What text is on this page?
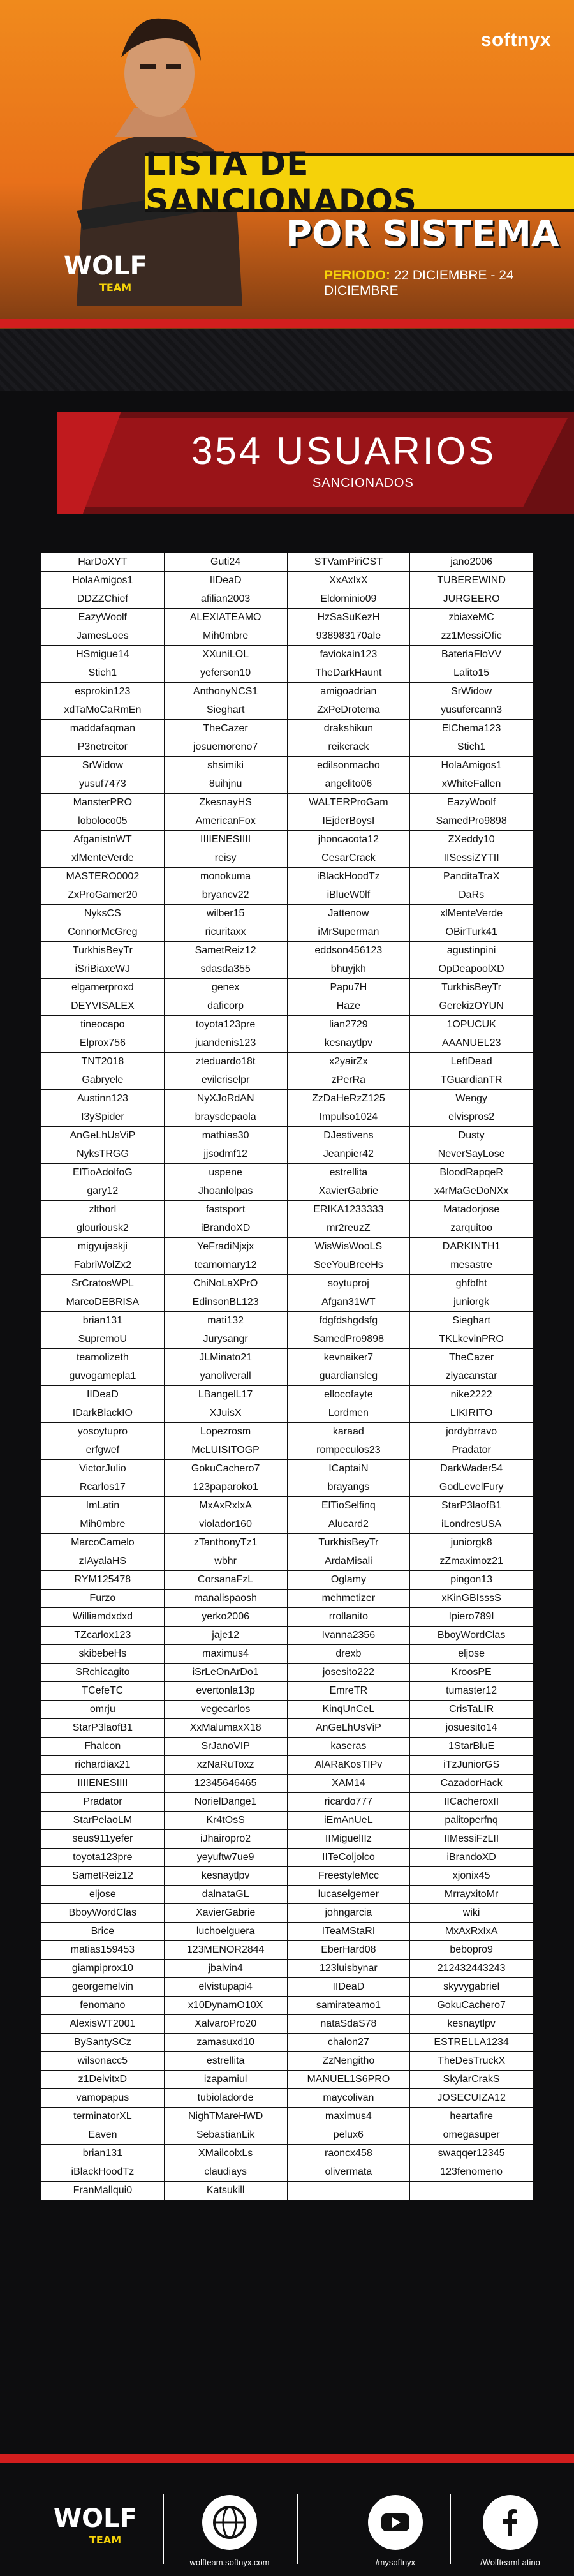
softnyx
LISTA DE SANCIONADOS
POR SISTEMA
PERIODO: 22 DICIEMBRE - 24 DICIEMBRE
WOLF
TEAM
354 USUARIOS
SANCIONADOS
HarDoXYT	Guti24	STVamPiriCST	jano2006
HolaAmigos1	IIDeaD	XxAxIxX	TUBEREWIND
DDZZChief	afilian2003	Eldominio09	JURGEERO
EazyWoolf	ALEXIATEAMO	HzSaSuKezH	zbiaxeMC
JamesLoes	Mih0mbre	938983170ale	zz1MessiOfic
HSmigue14	XXuniLOL	faviokain123	BateriaFloVV
Stich1	yeferson10	TheDarkHaunt	Lalito15
esprokin123	AnthonyNCS1	amigoadrian	SrWidow
xdTaMoCaRmEn	Sieghart	ZxPeDrotema	yusufercann3
maddafaqman	TheCazer	drakshikun	ElChema123
P3netreitor	josuemoreno7	reikcrack	Stich1
SrWidow	shsimiki	edilsonmacho	HolaAmigos1
yusuf7473	8uihjnu	angelito06	xWhiteFallen
MansterPRO	ZkesnayHS	WALTERProGam	EazyWoolf
loboloco05	AmericanFox	IEjderBoysI	SamedPro9898
AfganistnWT	IIIIENESIIII	jhoncacota12	ZXeddy10
xlMenteVerde	reisy	CesarCrack	IISessiZYTII
MASTERO0002	monokuma	iBlackHoodTz	PanditaTraX
ZxProGamer20	bryancv22	iBlueW0lf	DaRs
NyksCS	wilber15	Jattenow	xlMenteVerde
ConnorMcGreg	ricuritaxx	iMrSuperman	OBirTurk41
TurkhisBeyTr	SametReiz12	eddson456123	agustinpini
iSriBiaxeWJ	sdasda355	bhuyjkh	OpDeapoolXD
elgamerproxd	genex	Papu7H	TurkhisBeyTr
DEYVISALEX	daficorp	Haze	GerekizOYUN
tineocapo	toyota123pre	lian2729	1OPUCUK
Elprox756	juandenis123	kesnaytlpv	AAANUEL23
TNT2018	zteduardo18t	x2yairZx	LeftDead
Gabryele	evilcriselpr	zPerRa	TGuardianTR
Austinn123	NyXJoRdAN	ZzDaHeRzZ125	Wengy
I3ySpider	braysdepaola	Impulso1024	elvispros2
AnGeLhUsViP	mathias30	DJestivens	Dusty
NyksTRGG	jjsodmf12	Jeanpier42	NeverSayLose
ElTioAdolfoG	uspene	estrellita	BloodRapqeR
gary12	Jhoanlolpas	XavierGabrie	x4rMaGeDoNXx
zlthorl	fastsport	ERIKA1233333	Matadorjose
glouriousk2	iBrandoXD	mr2reuzZ	zarquitoo
migyujaskji	YeFradiNjxjx	WisWisWooLS	DARKINTH1
FabriWolZx2	teamomary12	SeeYouBreeHs	mesastre
SrCratosWPL	ChiNoLaXPrO	soytuproj	ghfbfht
MarcoDEBRISA	EdinsonBL123	Afgan31WT	juniorgk
brian131	mati132	fdgfdshgdsfg	Sieghart
SupremoU	Jurysangr	SamedPro9898	TKLkevinPRO
teamolizeth	JLMinato21	kevnaiker7	TheCazer
guvogamepla1	yanoliverall	guardiansleg	ziyacanstar
IIDeaD	LBangelL17	ellocofayte	nike2222
IDarkBlackIO	XJuisX	Lordmen	LIKIRITO
yosoytupro	Lopezrosm	karaad	jordybrravo
erfgwef	McLUISITOGP	rompeculos23	Pradator
VictorJulio	GokuCachero7	ICaptaiN	DarkWader54
Rcarlos17	123paparoko1	brayangs	GodLevelFury
ImLatin	MxAxRxIxA	ElTioSelfinq	StarP3laofB1
Mih0mbre	violador160	Alucard2	iLondresUSA
MarcoCamelo	zTanthonyTz1	TurkhisBeyTr	juniorgk8
zIAyalaHS	wbhr	ArdaMisali	zZmaximoz21
RYM125478	CorsanaFzL	Oglamy	pingon13
Furzo	manalispaosh	mehmetizer	xKinGBIsssS
Williamdxdxd	yerko2006	rrollanito	Ipiero789I
TZcarlox123	jaje12	Ivanna2356	BboyWordClas
skibebeHs	maximus4	drexb	eljose
SRchicagito	iSrLeOnArDo1	josesito222	KroosPE
TCefeTC	evertonla13p	EmreTR	tumaster12
omrju	vegecarlos	KinqUnCeL	CrisTaLIR
StarP3laofB1	XxMalumaxX18	AnGeLhUsViP	josuesito14
Fhalcon	SrJanoVIP	kaseras	1StarBluE
richardiax21	xzNaRuToxz	AlARaKosTIPv	iTzJuniorGS
IIIIENESIIII	12345646465	XAM14	CazadorHack
Pradator	NorielDange1	ricardo777	IICacheroxII
StarPelaoLM	Kr4tOsS	iEmAnUeL	palitoperfnq
seus911yefer	iJhairopro2	IIMiguelIIz	IIMessiFzLII
toyota123pre	yeyuftw7ue9	IITeColjolco	iBrandoXD
SametReiz12	kesnaytlpv	FreestyleMcc	xjonix45
eljose	dalnataGL	lucaselgemer	MrrayxitoMr
BboyWordClas	XavierGabrie	johngarcia	wiki
Brice	luchoelguera	ITeaMStaRI	MxAxRxIxA
matias159453	123MENOR2844	EberHard08	bebopro9
giampiprox10	jbalvin4	123luisbynar	212432443243
georgemelvin	elvistupapi4	IIDeaD	skyvygabriel
fenomano	x10DynamO10X	samirateamo1	GokuCachero7
AlexisWT2001	XalvaroPro20	nataSdaS78	kesnaytlpv
BySantySCz	zamasuxd10	chalon27	ESTRELLA1234
wilsonacc5	estrellita	ZzNengitho	TheDesTruckX
z1DeivitxD	izapamiul	MANUEL1S6PRO	SkylarCrakS
vamopapus	tubioladorde	maycolivan	JOSECUIZA12
terminatorXL	NighTMareHWD	maximus4	heartafire
Eaven	SebastianLik	pelux6	omegasuper
brian131	XMailcolxLs	raoncx458	swaqqer12345
iBlackHoodTz	claudiays	olivermata	123fenomeno
FranMallqui0	Katsukill		
WOLF
TEAM
wolfteam.softnyx.com	/mysoftnyx	/WolfteamLatino
